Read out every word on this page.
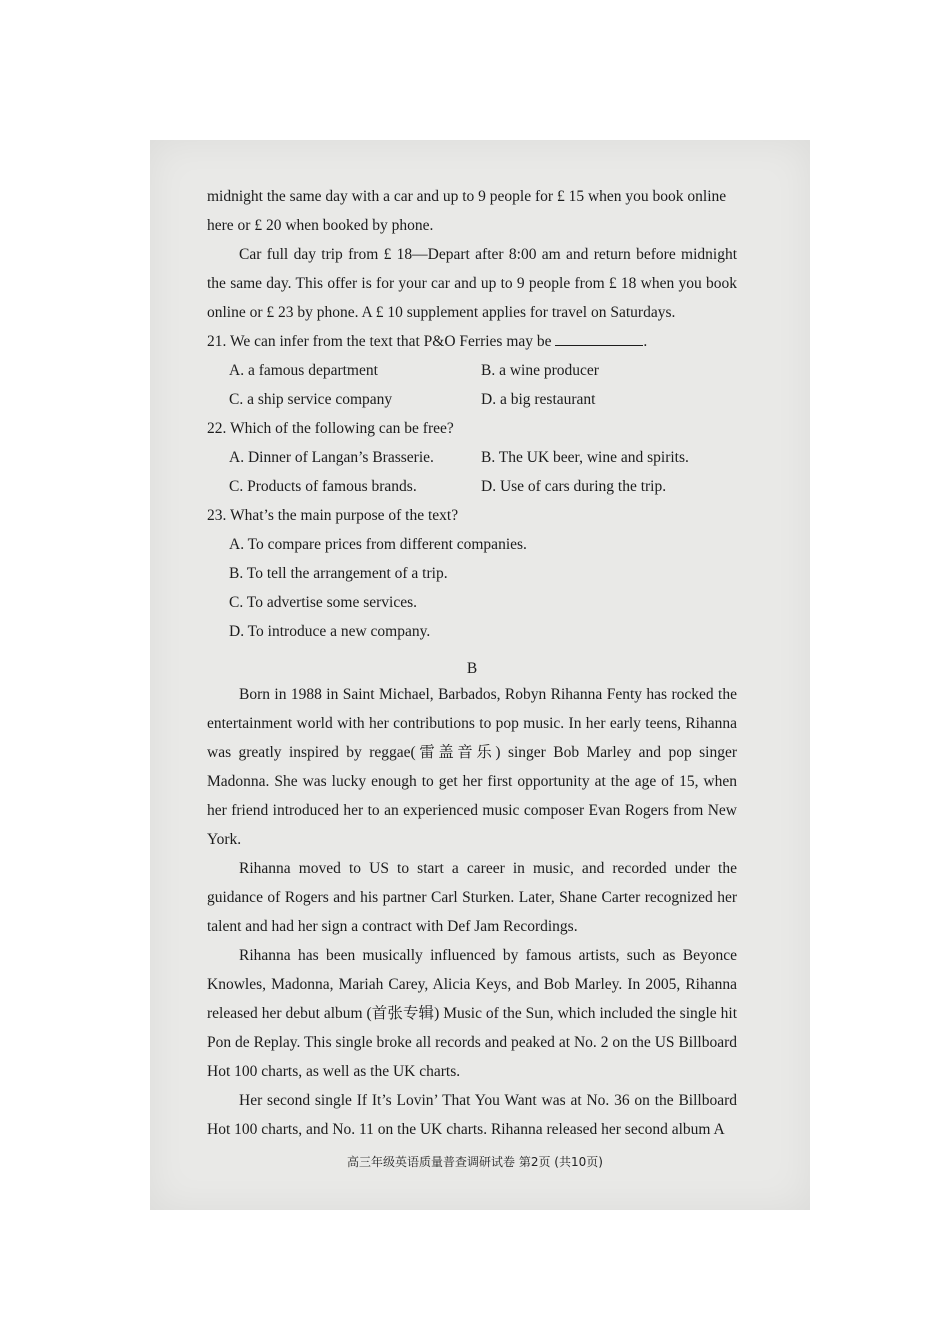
midnight the same day with a car and up to 9 people for £ 15 when you book online

here or £ 20 when booked by phone.

Car full day trip from £ 18—Depart after 8:00 am and return before midnight the same day. This offer is for your car and up to 9 people from £ 18 when you book online or £ 23 by phone. A £ 10 supplement applies for travel on Saturdays.

21. We can infer from the text that P&O Ferries may be	.

A. a famous department	B. a wine producer

C. a ship service company	D. a big restaurant

22. Which of the following can be free?

A. Dinner of Langan’s Brasserie.	B. The UK beer, wine and spirits.

C. Products of famous brands.	D. Use of cars during the trip.

23. What’s the main purpose of the text?

A. To compare prices from different companies.

B. To tell the arrangement of a trip.

C. To advertise some services.

D. To introduce a new company.

B

Born in 1988 in Saint Michael, Barbados, Robyn Rihanna Fenty has rocked the entertainment world with her contributions to pop music. In her early teens, Rihanna was greatly inspired by reggae(雷盖音乐) singer Bob Marley and pop singer Madonna. She was lucky enough to get her first opportunity at the age of 15, when her friend introduced her to an experienced music composer Evan Rogers from New York.

Rihanna moved to US to start a career in music, and recorded under the guidance of Rogers and his partner Carl Sturken. Later, Shane Carter recognized her talent and had her sign a contract with Def Jam Recordings.

Rihanna has been musically influenced by famous artists, such as Beyonce Knowles, Madonna, Mariah Carey, Alicia Keys, and Bob Marley. In 2005, Rihanna released her debut album (首张专辑) Music of the Sun, which included the single hit Pon de Replay. This single broke all records and peaked at No. 2 on the US Billboard Hot 100 charts, as well as the UK charts.

Her second single If It’s Lovin’ That You Want was at No. 36 on the Billboard Hot 100 charts, and No. 11 on the UK charts. Rihanna released her second album A

高三年级英语质量普查调研试卷 第2页 (共10页)
